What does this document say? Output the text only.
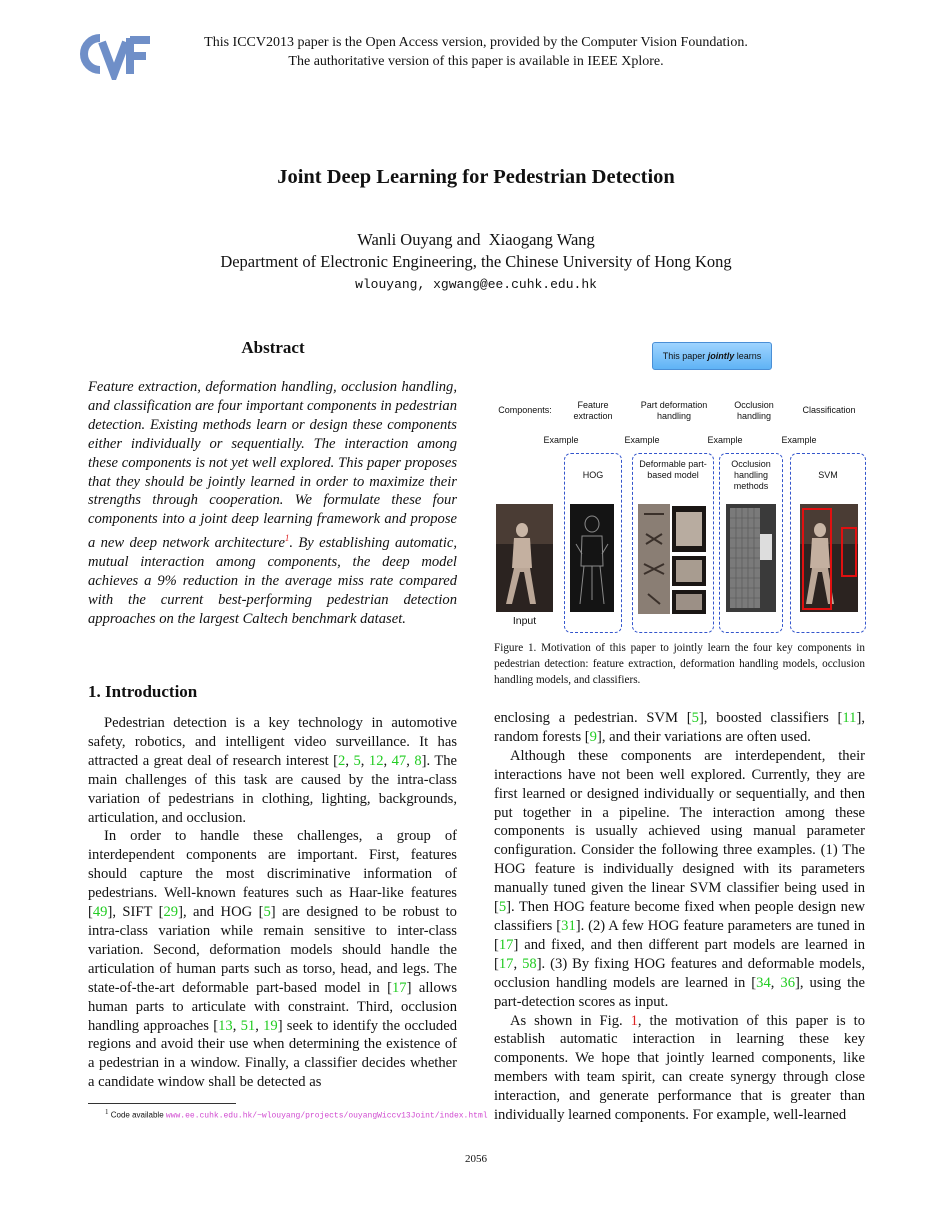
This ICCV2013 paper is the Open Access version, provided by the Computer Vision Foundation.
The authoritative version of this paper is available in IEEE Xplore.
Joint Deep Learning for Pedestrian Detection
Wanli Ouyang and  Xiaogang Wang
Department of Electronic Engineering, the Chinese University of Hong Kong
wlouyang, xgwang@ee.cuhk.edu.hk
Abstract
Feature extraction, deformation handling, occlusion handling, and classification are four important components in pedestrian detection. Existing methods learn or design these components either individually or sequentially. The interaction among these components is not yet well explored. This paper proposes that they should be jointly learned in order to maximize their strengths through cooperation. We formulate these four components into a joint deep learning framework and propose a new deep network architecture$^1$. By establishing automatic, mutual interaction among components, the deep model achieves a 9% reduction in the average miss rate compared with the current best-performing pedestrian detection approaches on the largest Caltech benchmark dataset.
1. Introduction

Pedestrian detection is a key technology in automotive safety, robotics, and intelligent video surveillance. It has attracted a great deal of research interest [2, 5, 12, 47, 8]. The main challenges of this task are caused by the intra-class variation of pedestrians in clothing, lighting, backgrounds, articulation, and occlusion.

In order to handle these challenges, a group of interdependent components are important. First, features should capture the most discriminative information of pedestrians. Well-known features such as Haar-like features [49], SIFT [29], and HOG [5] are designed to be robust to intra-class variation while remain sensitive to inter-class variation. Second, deformation models should handle the articulation of human parts such as torso, head, and legs. The state-of-the-art deformable part-based model in [17] allows human parts to articulate with constraint. Third, occlusion handling approaches [13, 51, 19] seek to identify the occluded regions and avoid their use when determining the existence of a pedestrian in a window. Finally, a classifier decides whether a candidate window shall be detected as

This paper jointly learns
Components:	Feature extraction
Part deformation handling
Occlusion handling
Classification
Example	Example	Example	Example
HOG
Deformable part-based model
Occlusion handling methods
SVM
Input
Figure 1. Motivation of this paper to jointly learn the four key components in pedestrian detection: feature extraction, deformation handling models, occlusion handling models, and classifiers.

enclosing a pedestrian. SVM [5], boosted classifiers [11], random forests [9], and their variations are often used.

Although these components are interdependent, their interactions have not been well explored. Currently, they are first learned or designed individually or sequentially, and then put together in a pipeline. The interaction among these components is usually achieved using manual parameter configuration. Consider the following three examples. (1) The HOG feature is individually designed with its parameters manually tuned given the linear SVM classifier being used in [5]. Then HOG feature become fixed when people design new classifiers [31]. (2) A few HOG feature parameters are tuned in [17] and fixed, and then different part models are learned in [17, 58]. (3) By fixing HOG features and deformable models, occlusion handling models are learned in [34, 36], using the part-detection scores as input.

As shown in Fig. 1, the motivation of this paper is to establish automatic interaction in learning these key components. We hope that jointly learned components, like members with team spirit, can create synergy through close interaction, and generate performance that is greater than individually learned components. For example, well-learned

$^1$ Code available www.ee.cuhk.edu.hk/~wlouyang/projects/ouyangWiccv13Joint/index.html
2056
